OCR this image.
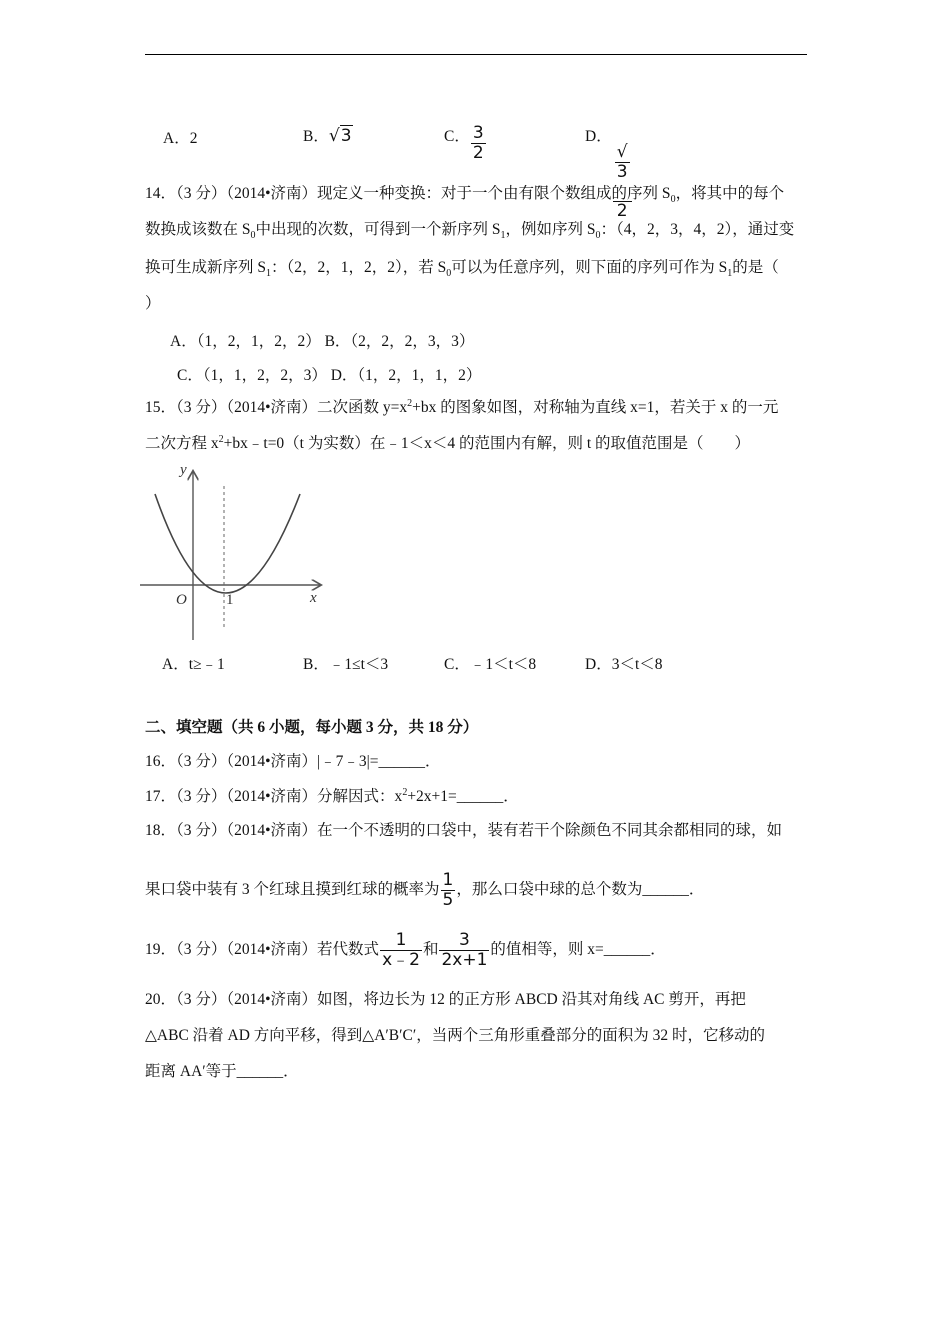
A．2	B．√3	C． $\frac{3}{2}$	D． √
3
2
14．（3 分）（2014•济南）现定义一种变换：对于一个由有限个数组成的序列 $S_0$，将其中的每个
数换成该数在 $S_0$中出现的次数，可得到一个新序列 $S_1$，例如序列 $S_0$：（4，2，3，4，2），通过变
换可生成新序列 $S_1$：（2，2，1，2，2），若 $S_0$可以为任意序列，则下面的序列可作为 $S_1$的是（
）
A．（1，2，1，2，2） B．（2，2，2，3，3）
C．（1，1，2，2，3） D．（1，2，1，1，2）
15．（3 分）（2014•济南）二次函数 $y=x^2+bx$ 的图象如图，对称轴为直线 x=1，若关于 x 的一元
二次方程 $x^2+bx﹣t=0(t$ 为实数）在﹣1＜x＜4 的范围内有解，则 t 的取值范围是（　　）
y
x
O	1
A．t≥﹣1	B．﹣1≤t＜3	C．﹣1＜t＜8	D．3＜t＜8
二、填空题（共 6 小题，每小题 3 分，共 18 分）
16．（3 分）（2014•济南）|﹣7﹣3|=______．
17．（3 分）（2014•济南）分解因式：$x^2+2x+1=\_\_\_\_\_\_$．
18．（3 分）（2014•济南）在一个不透明的口袋中，装有若干个除颜色不同其余都相同的球，如
果口袋中装有 3 个红球且摸到红球的概率为 $\frac{1}{5}$ ，那么口袋中球的总个数为______．
19．（3 分）（2014•济南）若代数式 $\frac{1}{x﹣2}$ 和 $\frac{3}{2x+1}$ 的值相等，则 x=______．
20．（3 分）（2014•济南）如图，将边长为 12 的正方形 ABCD 沿其对角线 AC 剪开，再把
△ABC 沿着 AD 方向平移，得到△A′B′C′，当两个三角形重叠部分的面积为 32 时，它移动的
距离 AA′等于______．
